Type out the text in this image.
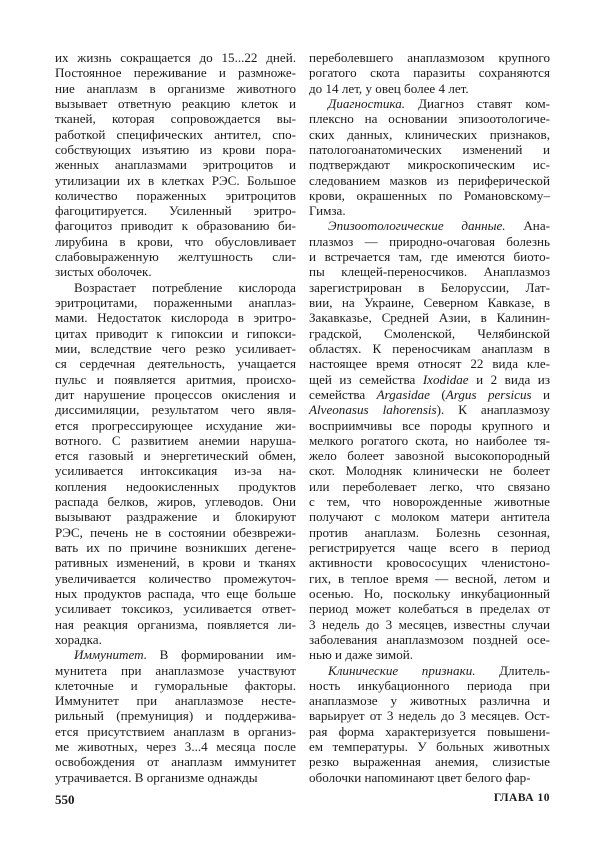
их жизнь сокращается до 15...22 дней.
Постоянное переживание и размноже-
ние анаплазм в организме животного
вызывает ответную реакцию клеток и
тканей, которая сопровождается вы-
работкой специфических антител, спо-
собствующих изъятию из крови пора-
женных анаплазмами эритроцитов и
утилизации их в клетках РЭС. Большое
количество пораженных эритроцитов
фагоцитируется. Усиленный эритро-
фагоцитоз приводит к образованию би-
лирубина в крови, что обусловливает
слабовыраженную желтушность сли-
зистых оболочек.
Возрастает потребление кислорода
эритроцитами, пораженными анаплаз-
мами. Недостаток кислорода в эритро-
цитах приводит к гипоксии и гипокси-
мии, вследствие чего резко усиливает-
ся сердечная деятельность, учащается
пульс и появляется аритмия, происхо-
дит нарушение процессов окисления и
диссимиляции, результатом чего явля-
ется прогрессирующее исхудание жи-
вотного. С развитием анемии наруша-
ется газовый и энергетический обмен,
усиливается интоксикация из-за на-
копления недоокисленных продуктов
распада белков, жиров, углеводов. Они
вызывают раздражение и блокируют
РЭС, печень не в состоянии обезврежи-
вать их по причине возникших дегене-
ративных изменений, в крови и тканях
увеличивается количество промежуточ-
ных продуктов распада, что еще больше
усиливает токсикоз, усиливается ответ-
ная реакция организма, появляется ли-
хорадка.
Иммунитет. В формировании им-
мунитета при анаплазмозе участвуют
клеточные и гуморальные факторы.
Иммунитет при анаплазмозе нестe-
рильный (премуниция) и поддержива-
ется присутствием анаплазм в организ-
ме животных, через 3...4 месяца после
освобождения от анаплазм иммунитет
утрачивается. В организме однажды
переболевшего анаплазмозом крупного
рогатого скота паразиты сохраняются
до 14 лет, у овец более 4 лет.
Диагностика. Диагноз ставят ком-
плексно на основании эпизоотологиче-
ских данных, клинических признаков,
патологоанатомических изменений и
подтверждают микроскопическим ис-
следованием мазков из периферической
крови, окрашенных по Романовскому–
Гимза.
Эпизоотологические данные. Ана-
плазмоз — природно-очаговая болезнь
и встречается там, где имеются биото-
пы клещей-переносчиков. Анаплазмоз
зарегистрирован в Белоруссии, Лат-
вии, на Украине, Северном Кавказе, в
Закавказье, Средней Азии, в Калинин-
градской, Смоленской, Челябинской
областях. К переносчикам анаплазм в
настоящее время относят 22 вида кле-
щей из семейства Ixodidae и 2 вида из
семейства Argasidae (Argus persicus и
Alveonasus lahorensis). К анаплазмозу
восприимчивы все породы крупного и
мелкого рогатого скота, но наиболее тя-
жело болеет завозной высокопородный
скот. Молодняк клинически не болеет
или переболевает легко, что связано
с тем, что новорожденные животные
получают с молоком матери антитела
против анаплазм. Болезнь сезонная,
регистрируется чаще всего в период
активности кровососущих членистоно-
гих, в теплое время — весной, летом и
осенью. Но, поскольку инкубационный
период может колебаться в пределах от
3 недель до 3 месяцев, известны случаи
заболевания анаплазмозом поздней осе-
нью и даже зимой.
Клинические признаки. Длитель-
ность инкубационного периода при
анаплазмозе у животных различна и
варьирует от 3 недель до 3 месяцев. Ост-
рая форма характеризуется повышени-
ем температуры. У больных животных
резко выраженная анемия, слизистые
оболочки напоминают цвет белого фар-
550	ГЛАВА 10
